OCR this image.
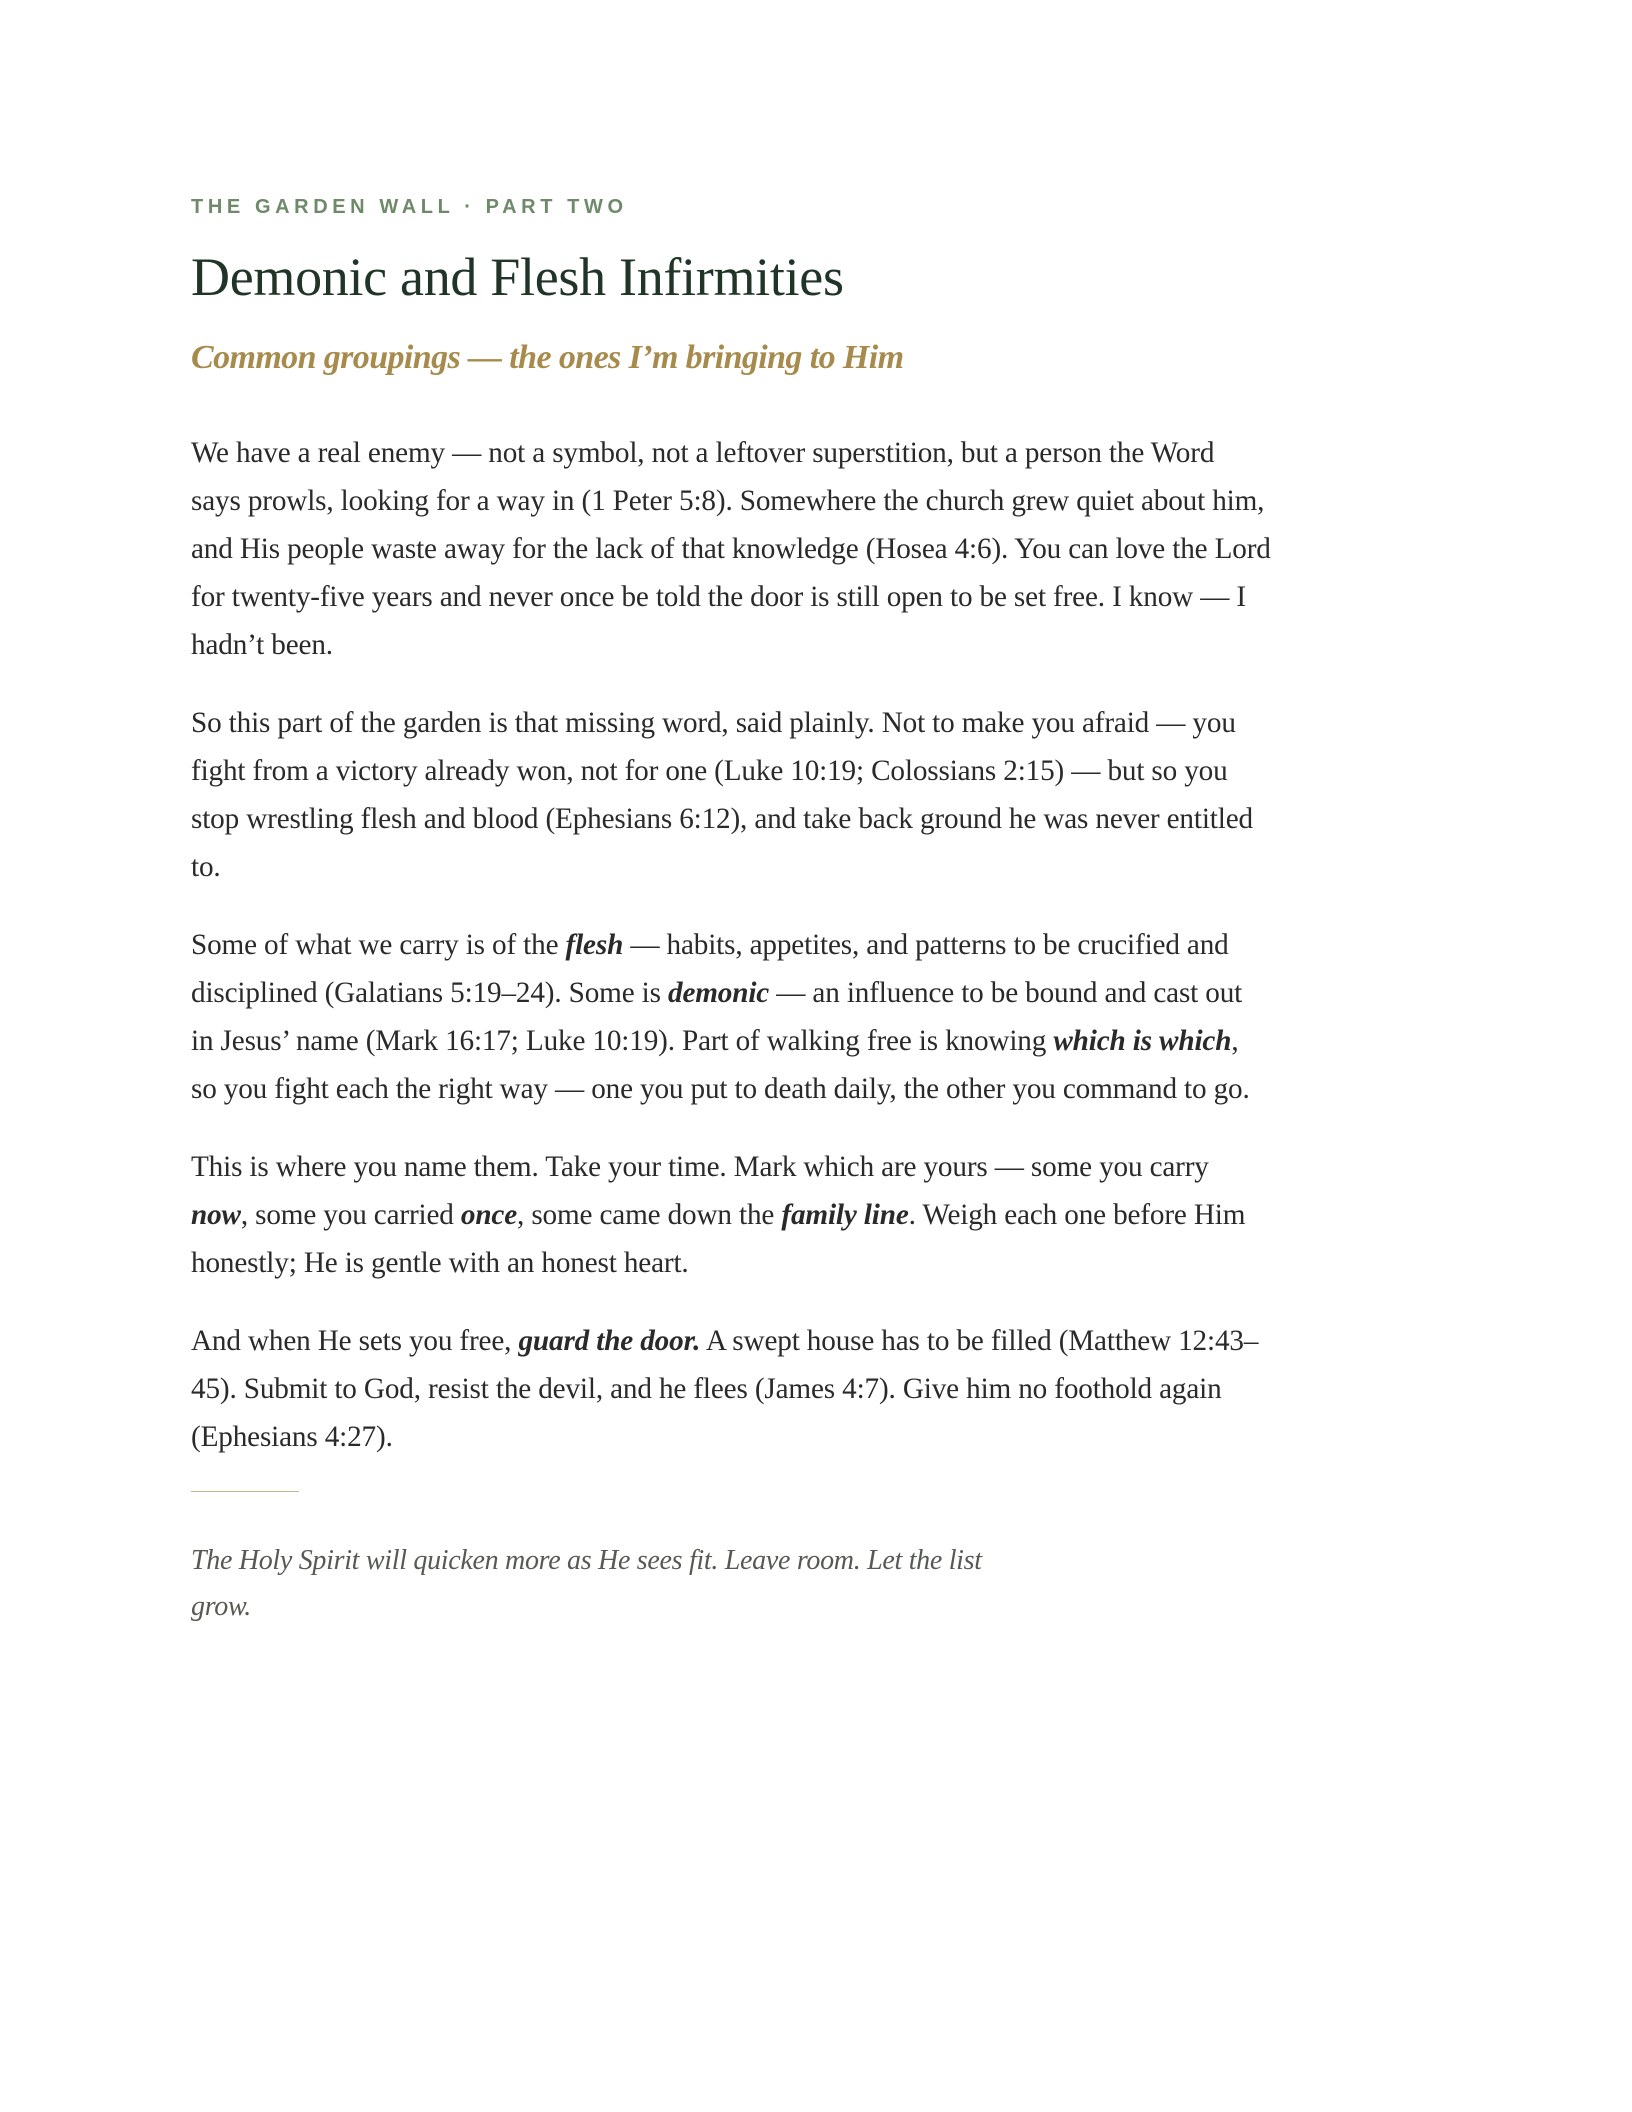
THE GARDEN WALL · PART TWO

Demonic and Flesh Infirmities
Common groupings — the ones I’m bringing to Him

We have a real enemy — not a symbol, not a leftover superstition, but a person the Word says prowls, looking for a way in (1 Peter 5:8). Somewhere the church grew quiet about him, and His people waste away for the lack of that knowledge (Hosea 4:6). You can love the Lord for twenty-five years and never once be told the door is still open to be set free. I know — I hadn’t been.

So this part of the garden is that missing word, said plainly. Not to make you afraid — you fight from a victory already won, not for one (Luke 10:19; Colossians 2:15) — but so you stop wrestling flesh and blood (Ephesians 6:12), and take back ground he was never entitled to.

Some of what we carry is of the flesh — habits, appetites, and patterns to be crucified and disciplined (Galatians 5:19–24). Some is demonic — an influence to be bound and cast out in Jesus’ name (Mark 16:17; Luke 10:19). Part of walking free is knowing which is which, so you fight each the right way — one you put to death daily, the other you command to go.

This is where you name them. Take your time. Mark which are yours — some you carry now, some you carried once, some came down the family line. Weigh each one before Him honestly; He is gentle with an honest heart.

And when He sets you free, guard the door. A swept house has to be filled (Matthew 12:43–45). Submit to God, resist the devil, and he flees (James 4:7). Give him no foothold again (Ephesians 4:27).

The Holy Spirit will quicken more as He sees fit. Leave room. Let the list grow.
